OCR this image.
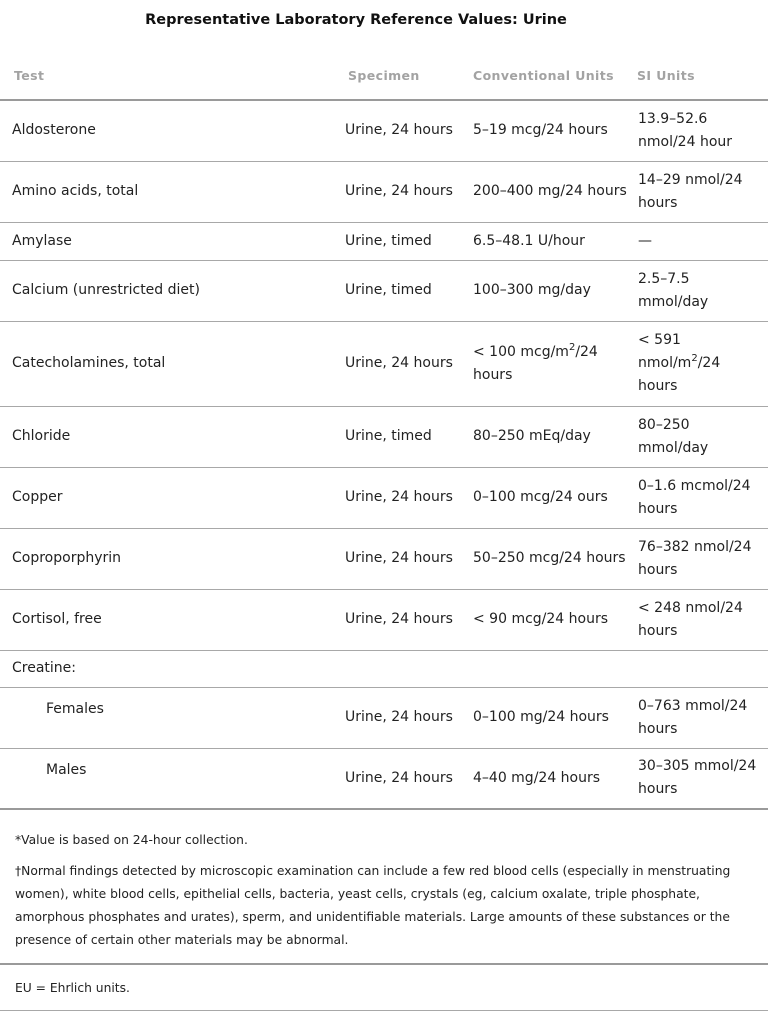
Representative Laboratory Reference Values: Urine
Test	Specimen	Conventional Units	SI Units
Aldosterone	Urine, 24 hours	5–19 mcg/24 hours	13.9–52.6 nmol/24 hour
Amino acids, total	Urine, 24 hours	200–400 mg/24 hours	14–29 nmol/24 hours
Amylase	Urine, timed	6.5–48.1 U/hour	—
Calcium (unrestricted diet)	Urine, timed	100–300 mg/day	2.5–7.5 mmol/day
Catecholamines, total	Urine, 24 hours	< 100 mcg/$m^2/24$ hours	< 591 nmol/$m^2/24$ hours
Chloride	Urine, timed	80–250 mEq/day	80–250 mmol/day
Copper	Urine, 24 hours	0–100 mcg/24 ours	0–1.6 mcmol/24 hours
Coproporphyrin	Urine, 24 hours	50–250 mcg/24 hours	76–382 nmol/24 hours
Cortisol, free	Urine, 24 hours	< 90 mcg/24 hours	< 248 nmol/24 hours
Creatine:			
Females	Urine, 24 hours	0–100 mg/24 hours	0–763 mmol/24 hours
Males	Urine, 24 hours	4–40 mg/24 hours	30–305 mmol/24 hours
*Value is based on 24-hour collection.
†Normal findings detected by microscopic examination can include a few red blood cells (especially in menstruating women), white blood cells, epithelial cells, bacteria, yeast cells, crystals (eg, calcium oxalate, triple phosphate, amorphous phosphates and urates), sperm, and unidentifiable materials. Large amounts of these substances or the presence of certain other materials may be abnormal.
EU = Ehrlich units.
